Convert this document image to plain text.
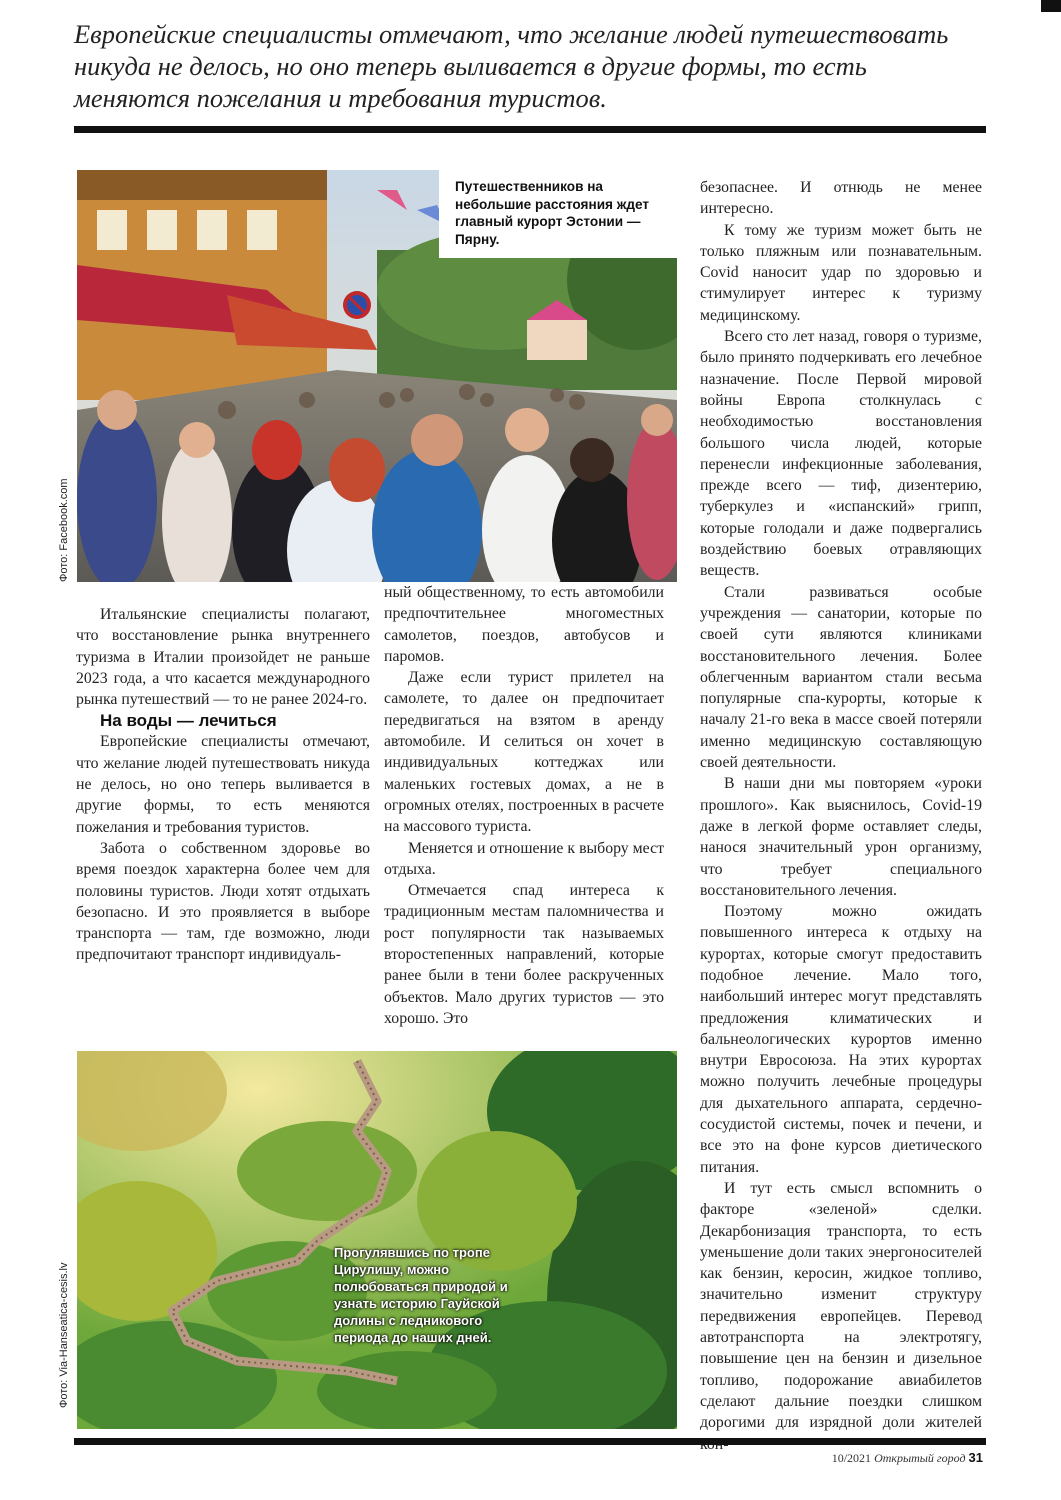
Европейские специалисты отмечают, что желание людей путешествовать никуда не делось, но оно теперь выливается в другие формы, то есть меняются пожелания и требования туристов.
Путешественников на небольшие расстояния ждет главный курорт Эстонии — Пярну.
Фото: Facebook.com
Прогулявшись по тропе Цирулишу, можно полюбоваться природой и узнать историю Гауйской долины с ледникового периода до наших дней.
Фото: Via-Hanseatica-cesis.lv

Итальянские специалисты полагают, что восстановление рынка внутреннего туризма в Италии произойдет не раньше 2023 года, а что касается международного рынка путешествий — то не ранее 2024-го.

На воды — лечиться

Европейские специалисты отмечают, что желание людей путешествовать никуда не делось, но оно теперь выливается в другие формы, то есть меняются пожелания и требования туристов.

Забота о собственном здоровье во время поездок характерна более чем для половины туристов. Люди хотят отдыхать безопасно. И это проявляется в выборе транспорта — там, где возможно, люди предпочитают транспорт индивидуаль-

ный общественному, то есть автомобили предпочтительнее многоместных самолетов, поездов, автобусов и паромов.

Даже если турист прилетел на самолете, то далее он предпочитает передвигаться на взятом в аренду автомобиле. И селиться он хочет в индивидуальных коттеджах или маленьких гостевых домах, а не в огромных отелях, построенных в расчете на массового туриста.

Меняется и отношение к выбору мест отдыха.

Отмечается спад интереса к традиционным местам паломничества и рост популярности так называемых второстепенных направлений, которые ранее были в тени более раскрученных объектов. Мало других туристов — это хорошо. Это

безопаснее. И отнюдь не менее интересно.

К тому же туризм может быть не только пляжным или познавательным. Covid наносит удар по здоровью и стимулирует интерес к туризму медицинскому.

Всего сто лет назад, говоря о туризме, было принято подчеркивать его лечебное назначение. После Первой мировой войны Европа столкнулась с необходимостью восстановления большого числа людей, которые перенесли инфекционные заболевания, прежде всего — тиф, дизентерию, туберкулез и «испанский» грипп, которые голодали и даже подвергались воздействию боевых отравляющих веществ.

Стали развиваться особые учреждения — санатории, которые по своей сути являются клиниками восстановительного лечения. Более облегченным вариантом стали весьма популярные спа-курорты, которые к началу 21-го века в массе своей потеряли именно медицинскую составляющую своей деятельности.

В наши дни мы повторяем «уроки прошлого». Как выяснилось, Covid-19 даже в легкой форме оставляет следы, нанося значительный урон организму, что требует специального восстановительного лечения.

Поэтому можно ожидать повышенного интереса к отдыху на курортах, которые смогут предоставить подобное лечение. Мало того, наибольший интерес могут представлять предложения климатических и бальнеологических курортов именно внутри Евросоюза. На этих курортах можно получить лечебные процедуры для дыхательного аппарата, сердечно-сосудистой системы, почек и печени, и все это на фоне курсов диетического питания.

И тут есть смысл вспомнить о факторе «зеленой» сделки. Декарбонизация транспорта, то есть уменьшение доли таких энергоносителей как бензин, керосин, жидкое топливо, значительно изменит структуру передвижения европейцев. Перевод автотранспорта на электротягу, повышение цен на бензин и дизельное топливо, подорожание авиабилетов сделают дальние поездки слишком дорогими для изрядной доли жителей

10/2021 Открытый город 31
